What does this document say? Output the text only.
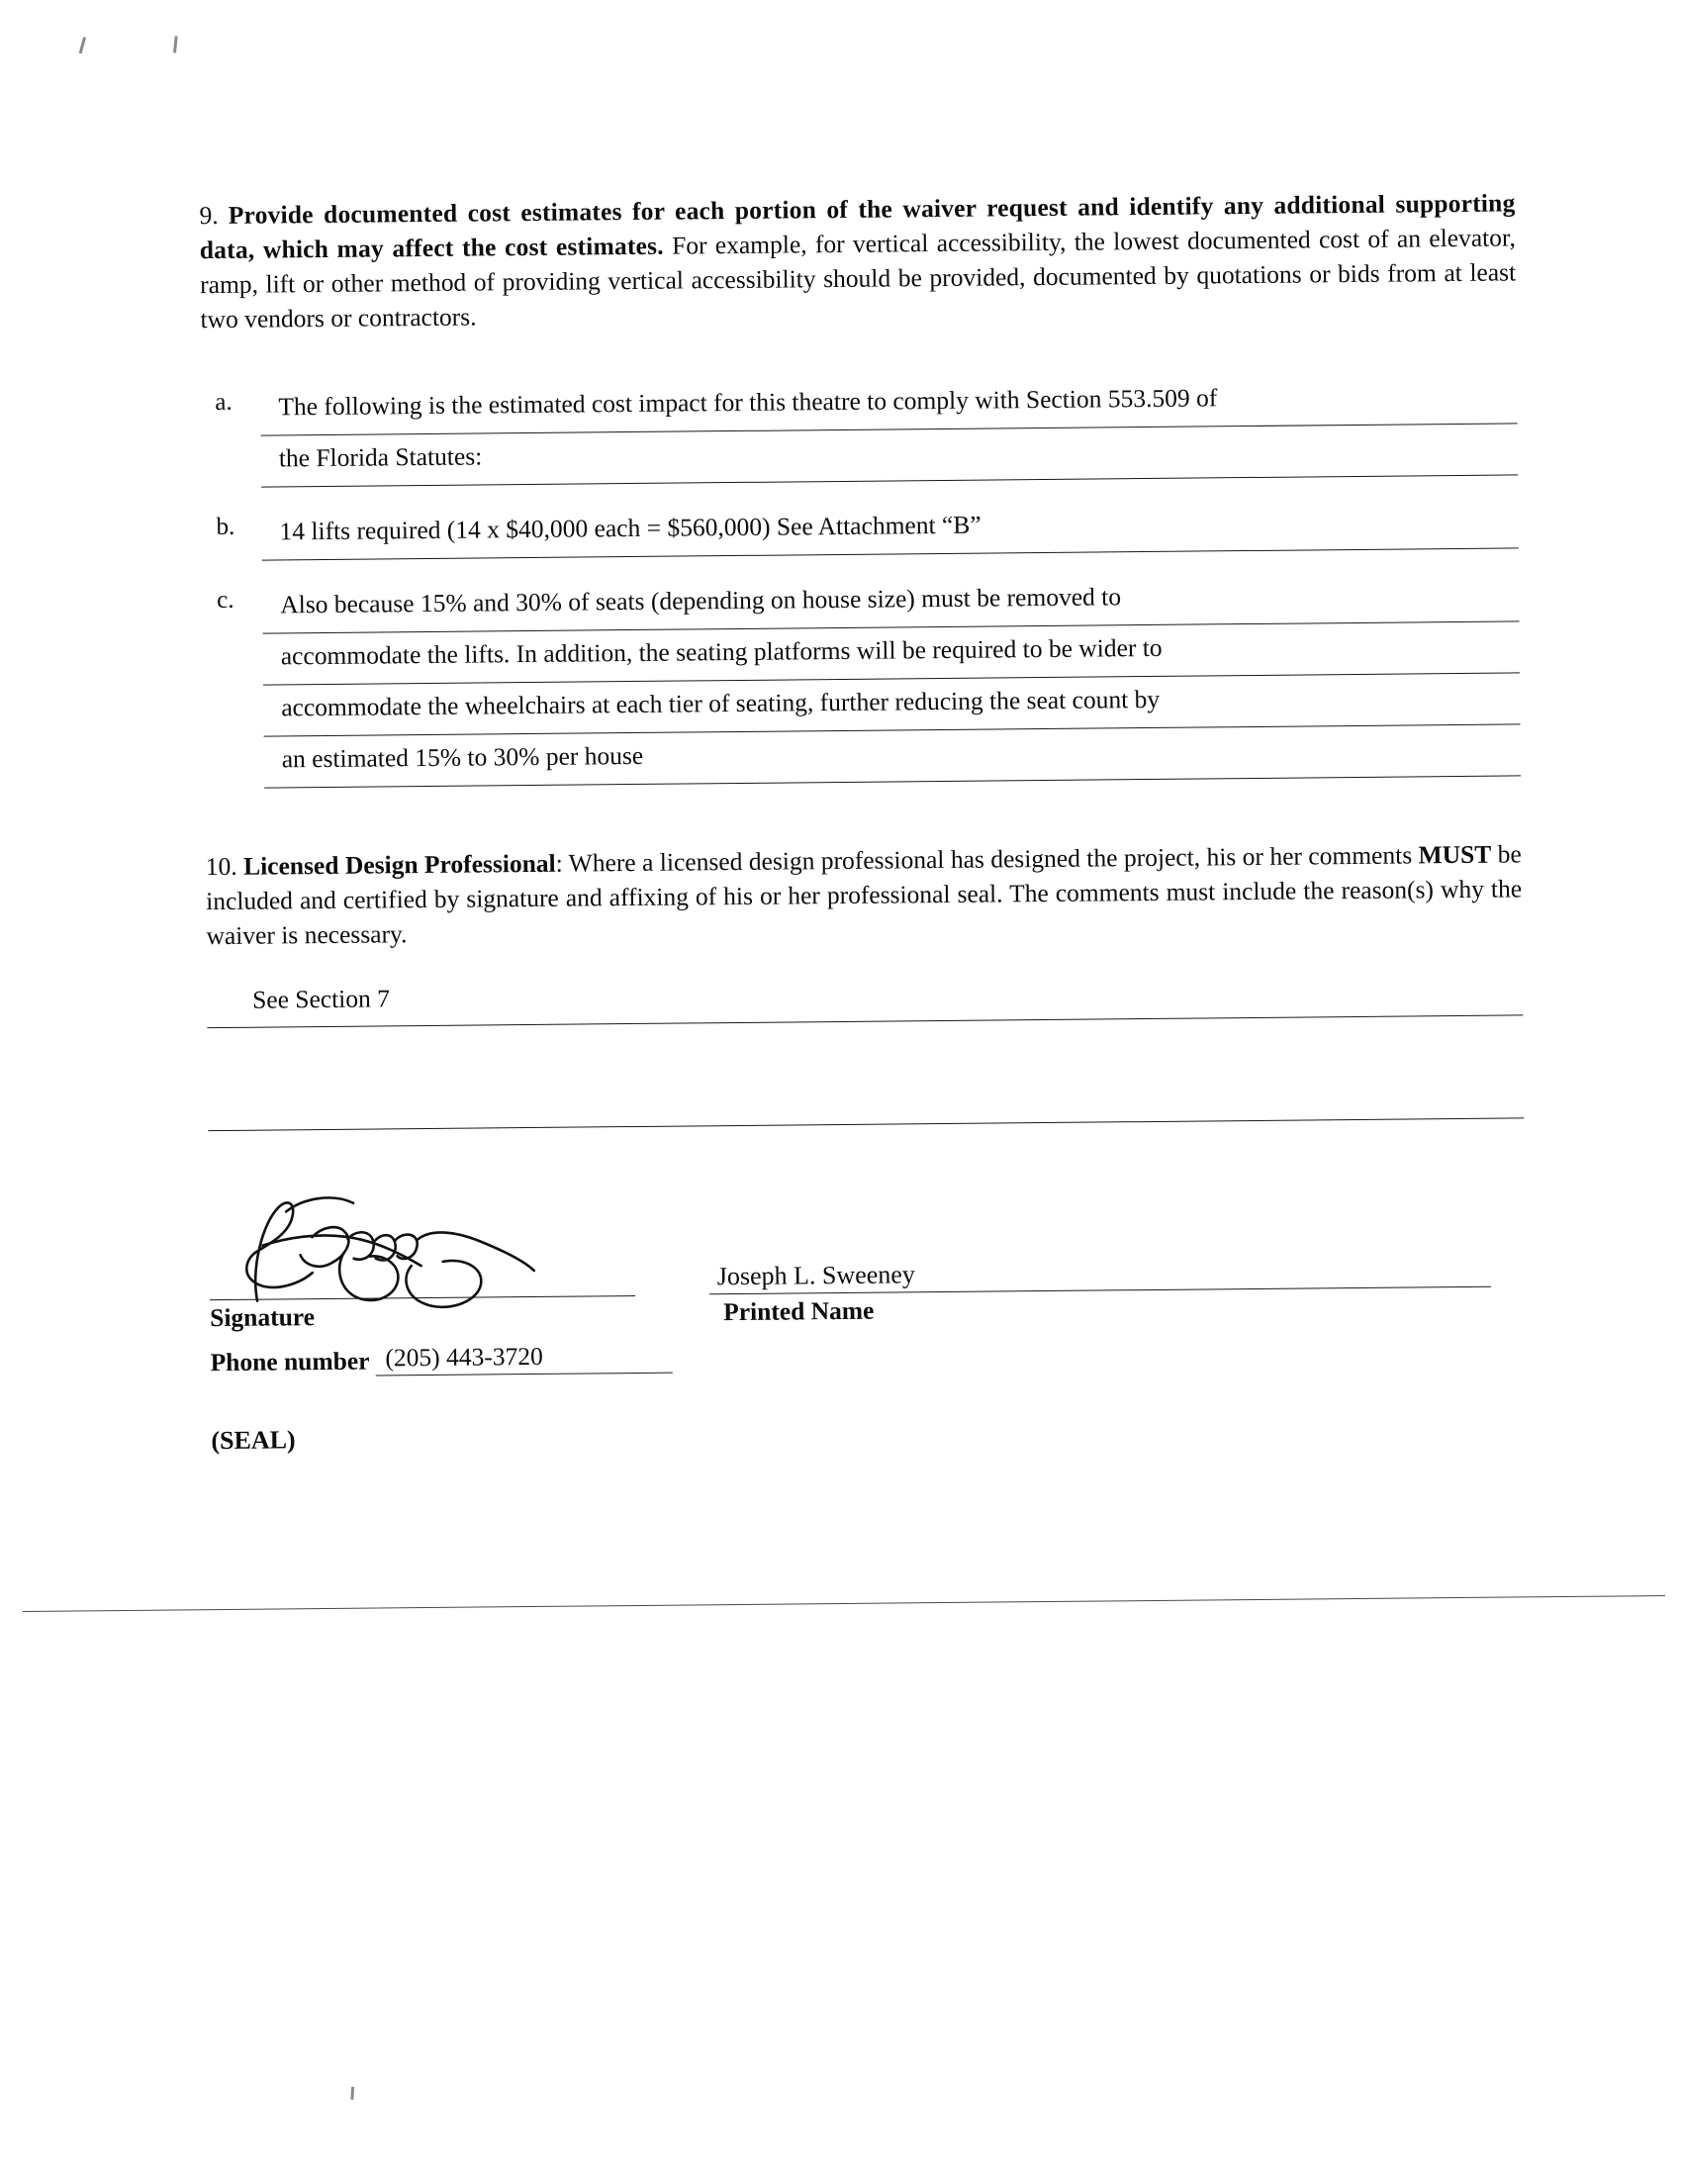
9. Provide documented cost estimates for each portion of the waiver request and identify any additional supporting data, which may affect the cost estimates. For example, for vertical accessibility, the lowest documented cost of an elevator, ramp, lift or other method of providing vertical accessibility should be provided, documented by quotations or bids from at least two vendors or contractors.
a.	The following is the estimated cost impact for this theatre to comply with Section 553.509 of
the Florida Statutes:
b.	14 lifts required (14 x $40,000 each = $560,000) See Attachment “B”
c.	Also because 15% and 30% of seats (depending on house size) must be removed to
accommodate the lifts. In addition, the seating platforms will be required to be wider to
accommodate the wheelchairs at each tier of seating, further reducing the seat count by
an estimated 15% to 30% per house
10. Licensed Design Professional: Where a licensed design professional has designed the project, his or her comments MUST be included and certified by signature and affixing of his or her professional seal. The comments must include the reason(s) why the waiver is necessary.
See Section 7
Signature
Joseph L. Sweeney
Printed Name
Phone number (205) 443-3720
(SEAL)
